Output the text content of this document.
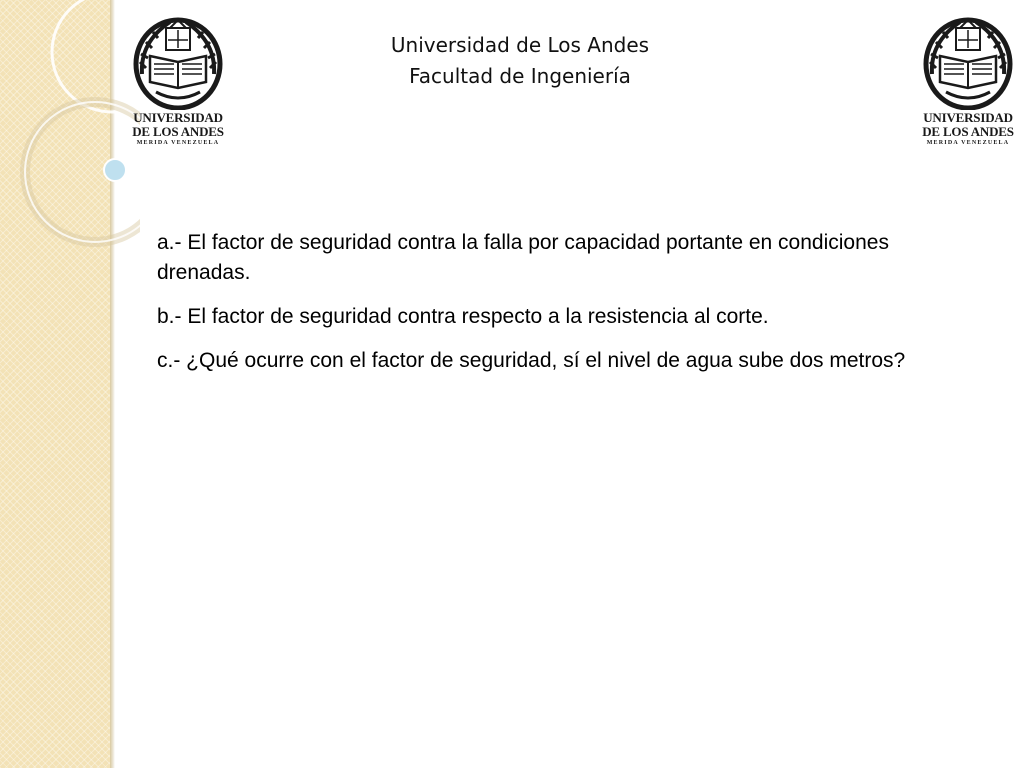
Universidad de Los Andes
Facultad de Ingeniería
UNIVERSIDAD
DE LOS ANDES
MERIDA VENEZUELA
UNIVERSIDAD
DE LOS ANDES
MERIDA VENEZUELA

a.- El factor de seguridad contra la falla por capacidad portante en condiciones drenadas.

b.- El factor de seguridad contra respecto a la resistencia al corte.

c.- ¿Qué ocurre con el factor de seguridad, sí el nivel de agua sube dos metros?
